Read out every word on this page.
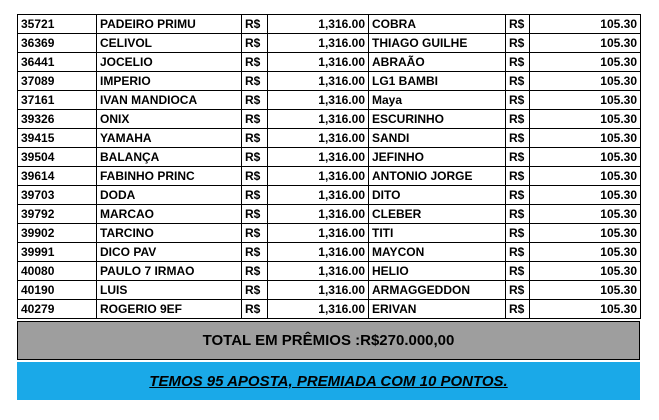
35721	PADEIRO PRIMU	R$	1,316.00	COBRA	R$	105.30
36369	CELIVOL	R$	1,316.00	THIAGO GUILHE	R$	105.30
36441	JOCELIO	R$	1,316.00	ABRAÃO	R$	105.30
37089	IMPERIO	R$	1,316.00	LG1 BAMBI	R$	105.30
37161	IVAN MANDIOCA	R$	1,316.00	Maya	R$	105.30
39326	ONIX	R$	1,316.00	ESCURINHO	R$	105.30
39415	YAMAHA	R$	1,316.00	SANDI	R$	105.30
39504	BALANÇA	R$	1,316.00	JEFINHO	R$	105.30
39614	FABINHO PRINC	R$	1,316.00	ANTONIO JORGE	R$	105.30
39703	DODA	R$	1,316.00	DITO	R$	105.30
39792	MARCAO	R$	1,316.00	CLEBER	R$	105.30
39902	TARCINO	R$	1,316.00	TITI	R$	105.30
39991	DICO PAV	R$	1,316.00	MAYCON	R$	105.30
40080	PAULO 7 IRMAO	R$	1,316.00	HELIO	R$	105.30
40190	LUIS	R$	1,316.00	ARMAGGEDDON	R$	105.30
40279	ROGERIO 9EF	R$	1,316.00	ERIVAN	R$	105.30
TOTAL EM PRÊMIOS :R$270.000,00
TEMOS 95 APOSTA, PREMIADA COM 10 PONTOS.
